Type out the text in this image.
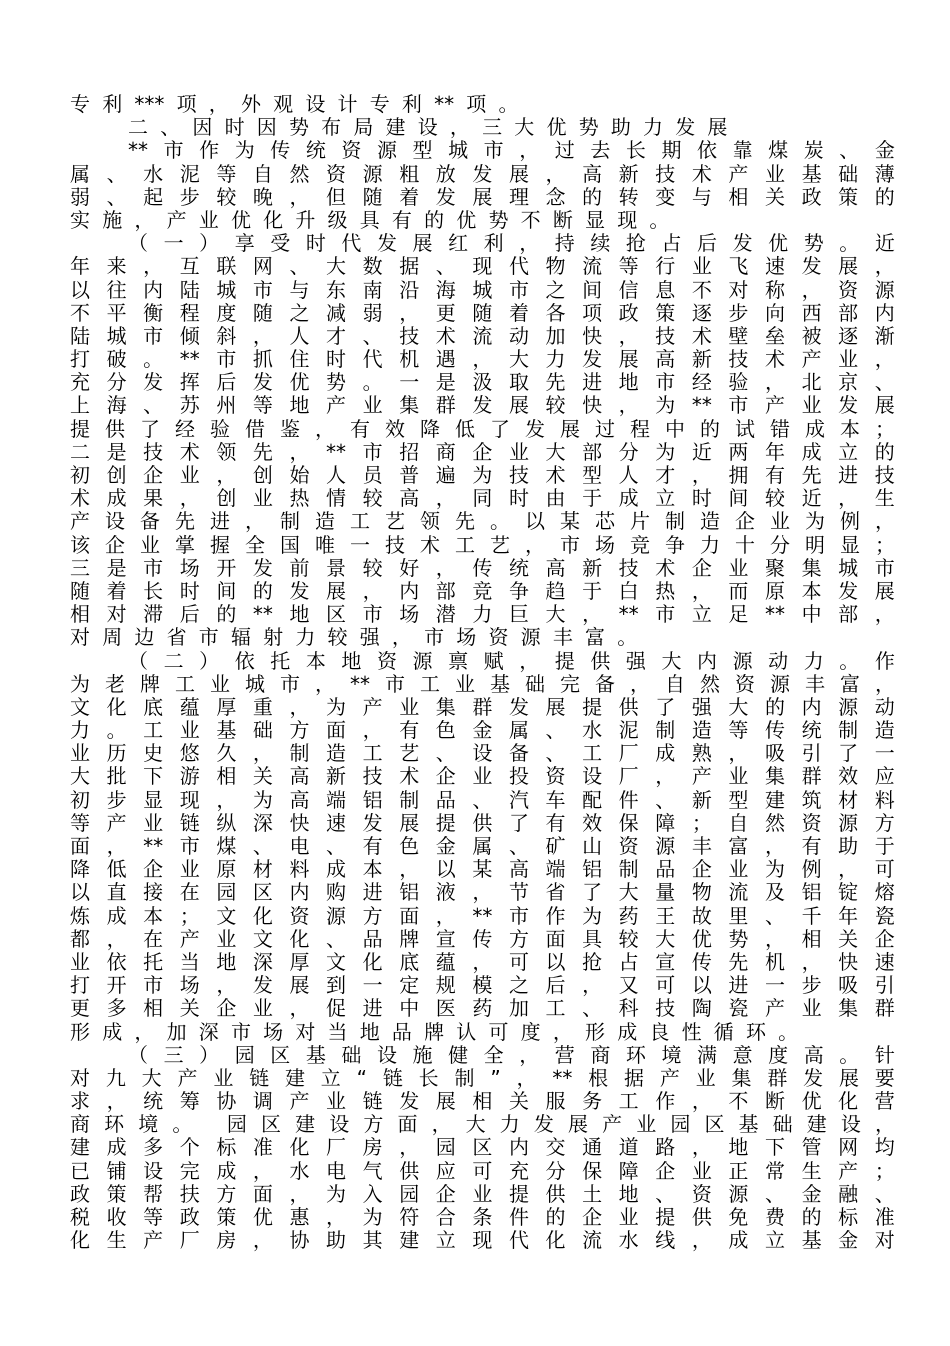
专 利 *** 项 ， 外 观 设 计 专 利 ** 项 。
二 、 因 时 因 势 布 局 建 设 ， 三 大 优 势 助 力 发 展
** 市 作 为 传 统 资 源 型 城 市 ， 过 去 长 期 依 靠 煤 炭 、 金
属 、 水 泥 等 自 然 资 源 粗 放 发 展 ， 高 新 技 术 产 业 基 础 薄
弱 、 起 步 较 晚 ， 但 随 着 发 展 理 念 的 转 变 与 相 关 政 策 的
实 施 ， 产 业 优 化 升 级 具 有 的 优 势 不 断 显 现 。
（ 一 ） 享 受 时 代 发 展 红 利 ， 持 续 抢 占 后 发 优 势 。 近
年 来 ， 互 联 网 、 大 数 据 、 现 代 物 流 等 行 业 飞 速 发 展 ，
以 往 内 陆 城 市 与 东 南 沿 海 城 市 之 间 信 息 不 对 称 ， 资 源
不 平 衡 程 度 随 之 减 弱 ， 更 随 着 各 项 政 策 逐 步 向 西 部 内
陆 城 市 倾 斜 ， 人 才 、 技 术 流 动 加 快 ， 技 术 壁 垒 被 逐 渐
打 破 。 ** 市 抓 住 时 代 机 遇 ， 大 力 发 展 高 新 技 术 产 业 ，
充 分 发 挥 后 发 优 势 。 一 是 汲 取 先 进 地 市 经 验 ， 北 京 、
上 海 、 苏 州 等 地 产 业 集 群 发 展 较 快 ， 为 ** 市 产 业 发 展
提 供 了 经 验 借 鉴 ， 有 效 降 低 了 发 展 过 程 中 的 试 错 成 本 ；
二 是 技 术 领 先 ， ** 市 招 商 企 业 大 部 分 为 近 两 年 成 立 的
初 创 企 业 ， 创 始 人 员 普 遍 为 技 术 型 人 才 ， 拥 有 先 进 技
术 成 果 ， 创 业 热 情 较 高 ， 同 时 由 于 成 立 时 间 较 近 ， 生
产 设 备 先 进 ， 制 造 工 艺 领 先 。 以 某 芯 片 制 造 企 业 为 例 ，
该 企 业 掌 握 全 国 唯 一 技 术 工 艺 ， 市 场 竞 争 力 十 分 明 显 ；
三 是 市 场 开 发 前 景 较 好 ， 传 统 高 新 技 术 企 业 聚 集 城 市
随 着 长 时 间 的 发 展 ， 内 部 竞 争 趋 于 白 热 ， 而 原 本 发 展
相 对 滞 后 的 ** 地 区 市 场 潜 力 巨 大 ， ** 市 立 足 ** 中 部 ，
对 周 边 省 市 辐 射 力 较 强 ， 市 场 资 源 丰 富 。
（ 二 ） 依 托 本 地 资 源 禀 赋 ， 提 供 强 大 内 源 动 力 。 作
为 老 牌 工 业 城 市 ， ** 市 工 业 基 础 完 备 ， 自 然 资 源 丰 富 ，
文 化 底 蕴 厚 重 ， 为 产 业 集 群 发 展 提 供 了 强 大 的 内 源 动
力 。 工 业 基 础 方 面 ， 有 色 金 属 、 水 泥 制 造 等 传 统 制 造
业 历 史 悠 久 ， 制 造 工 艺 、 设 备 、 工 厂 成 熟 ， 吸 引 了 一
大 批 下 游 相 关 高 新 技 术 企 业 投 资 设 厂 ， 产 业 集 群 效 应
初 步 显 现 ， 为 高 端 铝 制 品 、 汽 车 配 件 、 新 型 建 筑 材 料
等 产 业 链 纵 深 快 速 发 展 提 供 了 有 效 保 障 ； 自 然 资 源 方
面 ， ** 市 煤 、 电 、 有 色 金 属 、 矿 山 资 源 丰 富 ， 有 助 于
降 低 企 业 原 材 料 成 本 ， 以 某 高 端 铝 制 品 企 业 为 例 ， 可
以 直 接 在 园 区 内 购 进 铝 液 ， 节 省 了 大 量 物 流 及 铝 锭 熔
炼 成 本 ； 文 化 资 源 方 面 ， ** 市 作 为 药 王 故 里 、 千 年 瓷
都 ， 在 产 业 文 化 、 品 牌 宣 传 方 面 具 较 大 优 势 ， 相 关 企
业 依 托 当 地 深 厚 文 化 底 蕴 ， 可 以 抢 占 宣 传 先 机 ， 快 速
打 开 市 场 ， 发 展 到 一 定 规 模 之 后 ， 又 可 以 进 一 步 吸 引
更 多 相 关 企 业 ， 促 进 中 医 药 加 工 、 科 技 陶 瓷 产 业 集 群
形 成 ， 加 深 市 场 对 当 地 品 牌 认 可 度 ， 形 成 良 性 循 环 。
（ 三 ） 园 区 基 础 设 施 健 全 ， 营 商 环 境 满 意 度 高 。 针
对 九 大 产 业 链 建 立 “ 链 长 制 ” ， ** 根 据 产 业 集 群 发 展 要
求 ， 统 筹 协 调 产 业 链 发 展 相 关 服 务 工 作 ， 不 断 优 化 营
商 环 境 。
园 区 建 设 方 面 ， 大 力 发 展 产 业 园 区 基 础 建 设 ，
建 成 多 个 标 准 化 厂 房 ， 园 区 内 交 通 道 路 ， 地 下 管 网 均
已 铺 设 完 成 ， 水 电 气 供 应 可 充 分 保 障 企 业 正 常 生 产 ；
政 策 帮 扶 方 面 ， 为 入 园 企 业 提 供 土 地 、 资 源 、 金 融 、
税 收 等 政 策 优 惠 ， 为 符 合 条 件 的 企 业 提 供 免 费 的 标 准
化 生 产 厂 房 ， 协 助 其 建 立 现 代 化 流 水 线 ， 成 立 基 金 对
